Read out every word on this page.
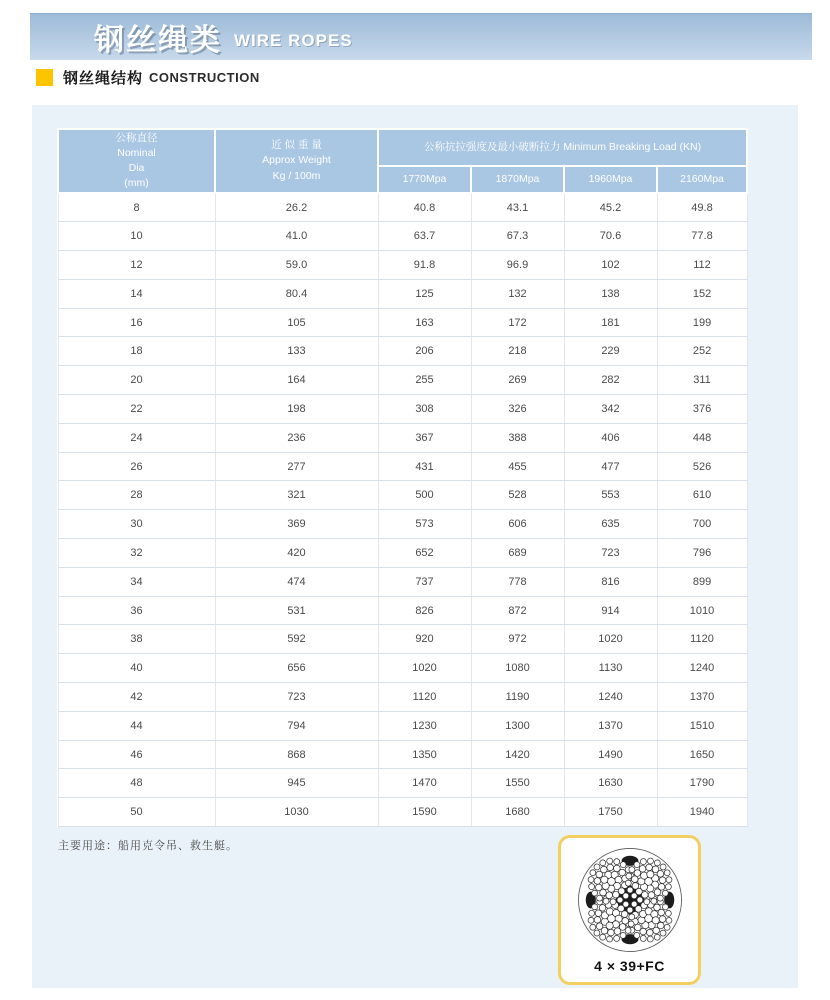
钢丝绳类 WIRE ROPES
钢丝绳结构 CONSTRUCTION
公称直径
Nominal
Dia
(mm)

近 似 重 量
Approx Weight
Kg / 100m
	公称抗拉强度及最小破断拉力 Minimum Breaking Load (KN)
		1770Mpa	1870Mpa	1960Mpa	2160Mpa
8	26.2	40.8	43.1	45.2	49.8
10	41.0	63.7	67.3	70.6	77.8
12	59.0	91.8	96.9	102	112
14	80.4	125	132	138	152
16	105	163	172	181	199
18	133	206	218	229	252
20	164	255	269	282	311
22	198	308	326	342	376
24	236	367	388	406	448
26	277	431	455	477	526
28	321	500	528	553	610
30	369	573	606	635	700
32	420	652	689	723	796
34	474	737	778	816	899
36	531	826	872	914	1010
38	592	920	972	1020	1120
40	656	1020	1080	1130	1240
42	723	1120	1190	1240	1370
44	794	1230	1300	1370	1510
46	868	1350	1420	1490	1650
48	945	1470	1550	1630	1790
50	1030	1590	1680	1750	1940
主要用途：船用克令吊、救生艇。
4 × 39+FC
